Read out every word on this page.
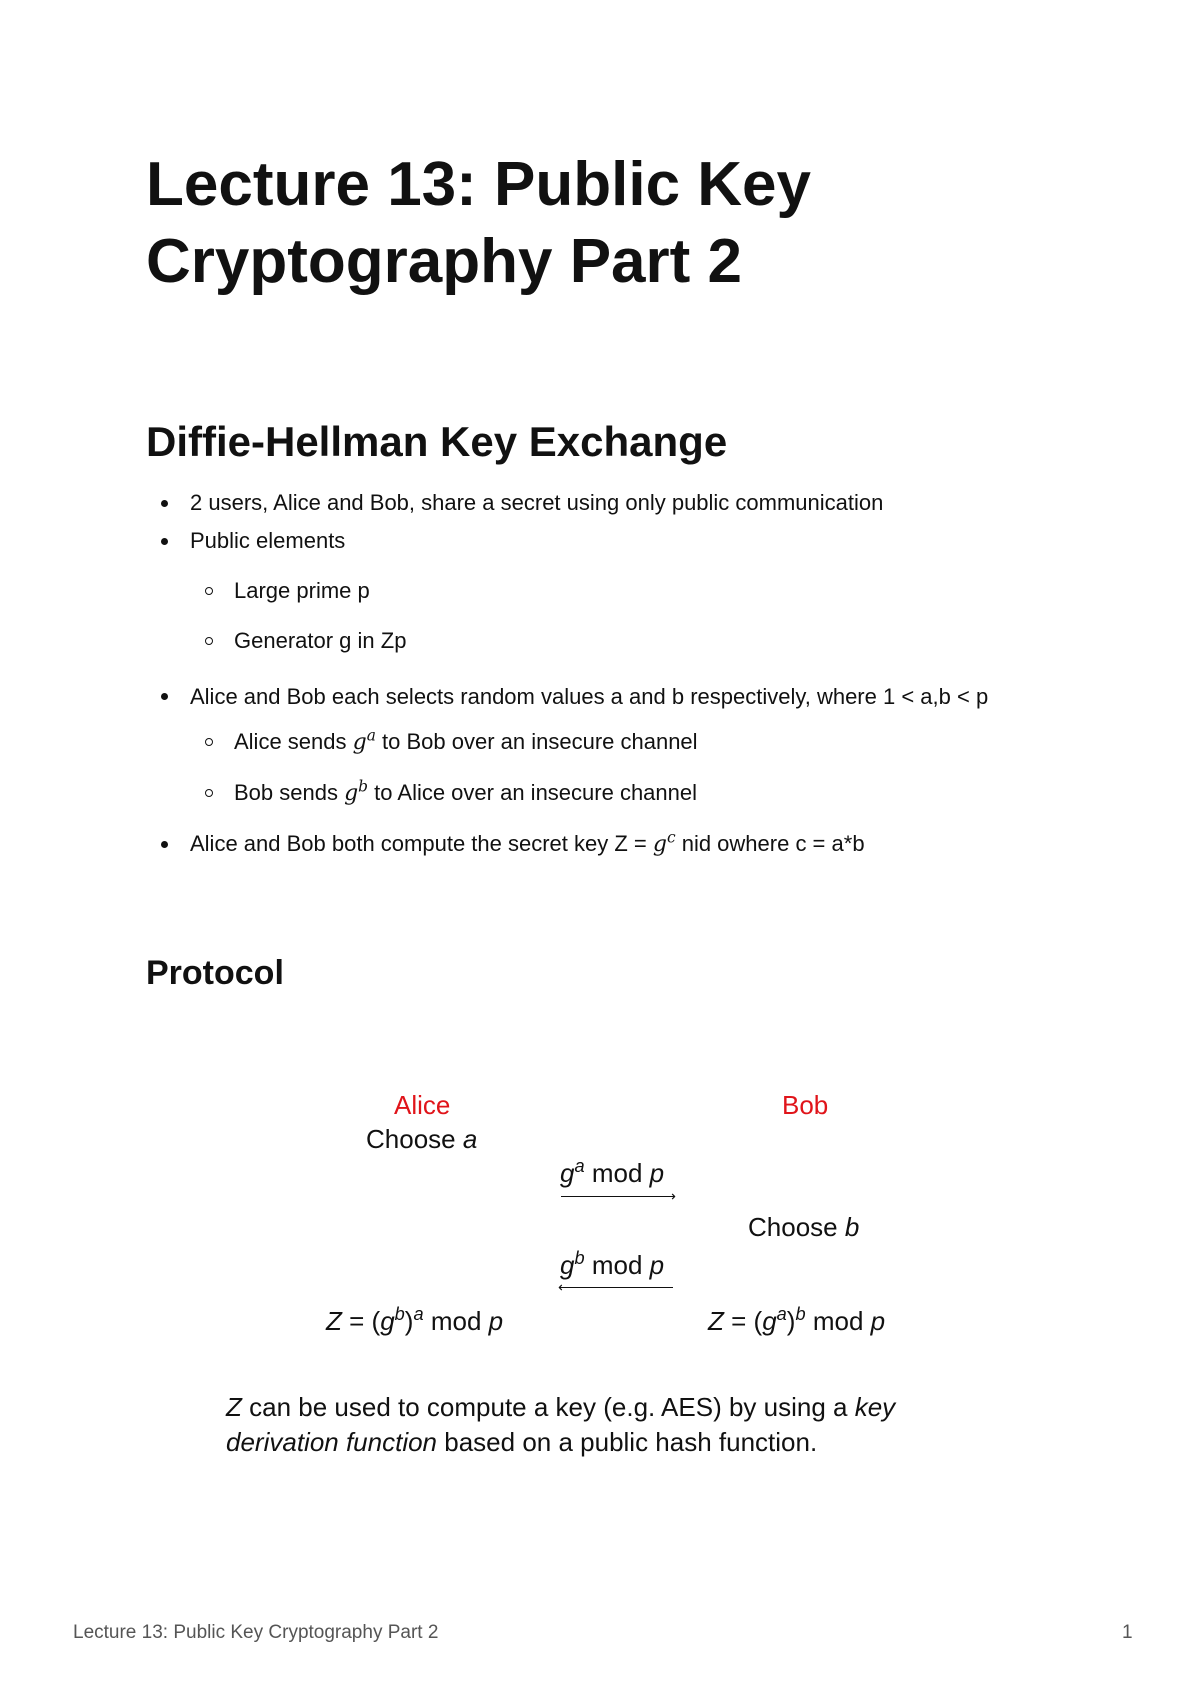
Lecture 13: Public Key Cryptography Part 2
Diffie-Hellman Key Exchange
2 users, Alice and Bob, share a secret using only public communication
Public elements
Large prime p
Generator g in Zp
Alice and Bob each selects random values a and b respectively, where 1 < a,b < p
Alice sends $g^a$ to Bob over an insecure channel
Bob sends $g^b$ to Alice over an insecure channel
Alice and Bob both compute the secret key $Z = g^c$ nid owhere c = a*b
Protocol
Alice	Bob
Choose a
$g^a$ mod p
⟶
Choose b
$g^b$ mod p
⟵
$Z = (g^b)^a$ mod p	$Z = (g^a)^b$ mod p
Z can be used to compute a key (e.g. AES) by using a key derivation function based on a public hash function.
Lecture 13: Public Key Cryptography Part 2	1
